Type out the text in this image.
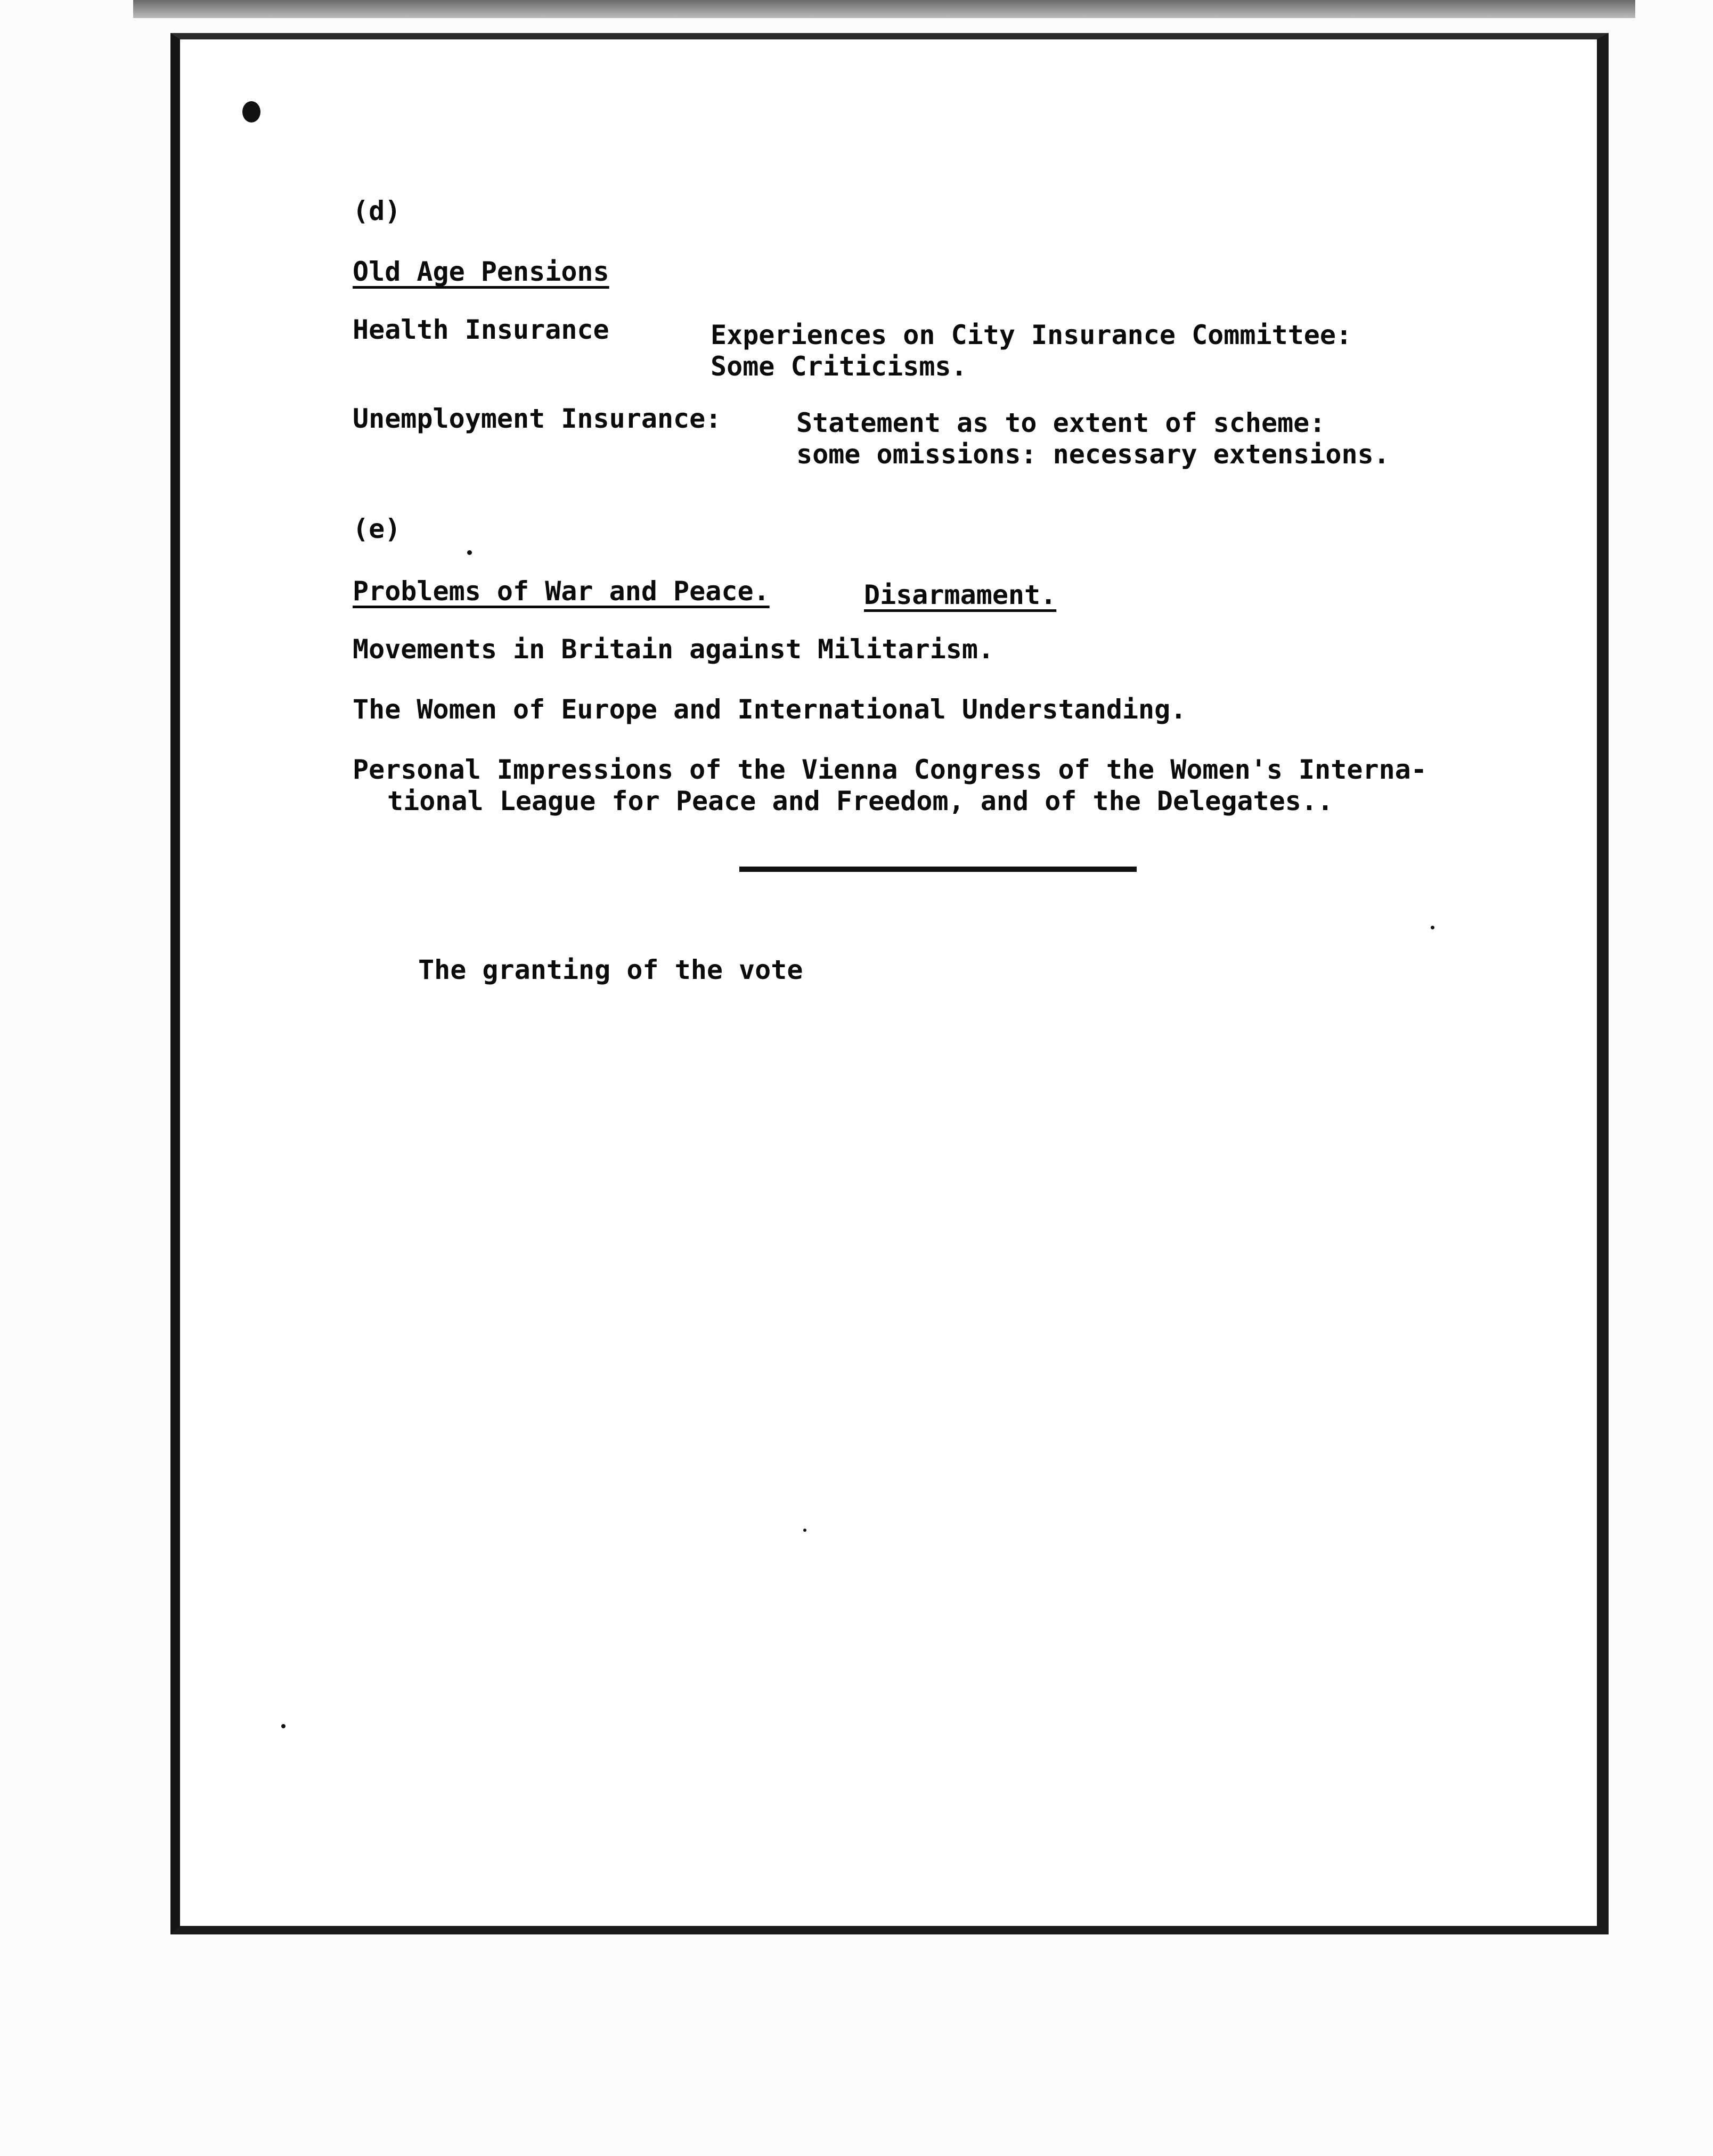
(d)
Old Age Pensions
Health Insurance	Experiences on City Insurance Committee:
Some Criticisms.
Unemployment Insurance:	Statement as to extent of scheme:
some omissions: necessary extensions.
(e)
Problems of War and Peace.	Disarmament.
Movements in Britain against Militarism.
The Women of Europe and International Understanding.
Personal Impressions of the Vienna Congress of the Women's Interna-
tional League for Peace and Freedom, and of the Delegates..
The granting of the vote
